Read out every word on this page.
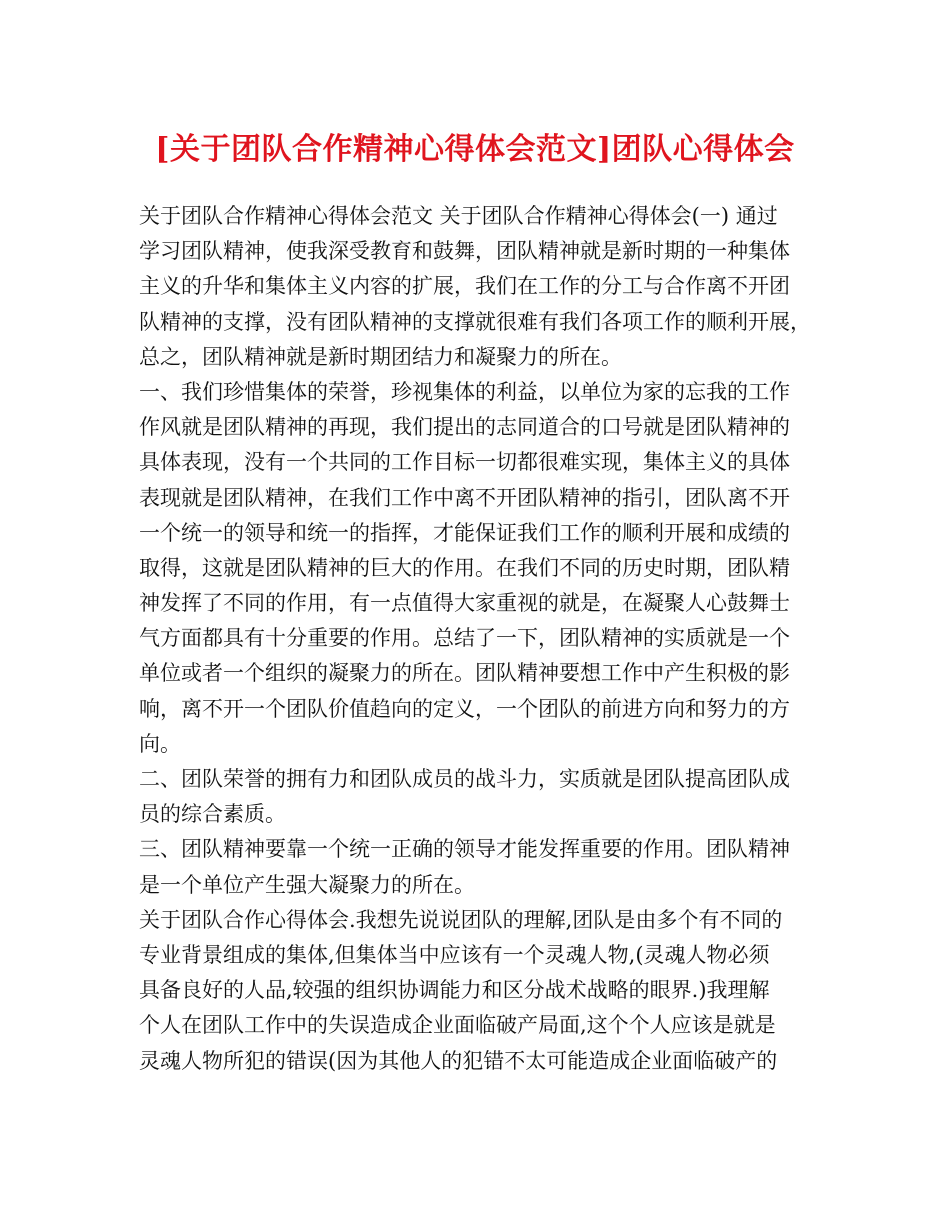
[关于团队合作精神心得体会范文]团队心得体会
关于团队合作精神心得体会范文 关于团队合作精神心得体会(一) 通过
学习团队精神，使我深受教育和鼓舞，团队精神就是新时期的一种集体
主义的升华和集体主义内容的扩展，我们在工作的分工与合作离不开团
队精神的支撑，没有团队精神的支撑就很难有我们各项工作的顺利开展，
总之，团队精神就是新时期团结力和凝聚力的所在。
一、我们珍惜集体的荣誉，珍视集体的利益，以单位为家的忘我的工作
作风就是团队精神的再现，我们提出的志同道合的口号就是团队精神的
具体表现，没有一个共同的工作目标一切都很难实现，集体主义的具体
表现就是团队精神，在我们工作中离不开团队精神的指引，团队离不开
一个统一的领导和统一的指挥，才能保证我们工作的顺利开展和成绩的
取得，这就是团队精神的巨大的作用。在我们不同的历史时期，团队精
神发挥了不同的作用，有一点值得大家重视的就是，在凝聚人心鼓舞士
气方面都具有十分重要的作用。总结了一下，团队精神的实质就是一个
单位或者一个组织的凝聚力的所在。团队精神要想工作中产生积极的影
响，离不开一个团队价值趋向的定义，一个团队的前进方向和努力的方
向。
二、团队荣誉的拥有力和团队成员的战斗力，实质就是团队提高团队成
员的综合素质。
三、团队精神要靠一个统一正确的领导才能发挥重要的作用。团队精神
是一个单位产生强大凝聚力的所在。
关于团队合作心得体会.我想先说说团队的理解,团队是由多个有不同的
专业背景组成的集体,但集体当中应该有一个灵魂人物,(灵魂人物必须
具备良好的人品,较强的组织协调能力和区分战术战略的眼界.)我理解
个人在团队工作中的失误造成企业面临破产局面,这个个人应该是就是
灵魂人物所犯的错误(因为其他人的犯错不太可能造成企业面临破产的
